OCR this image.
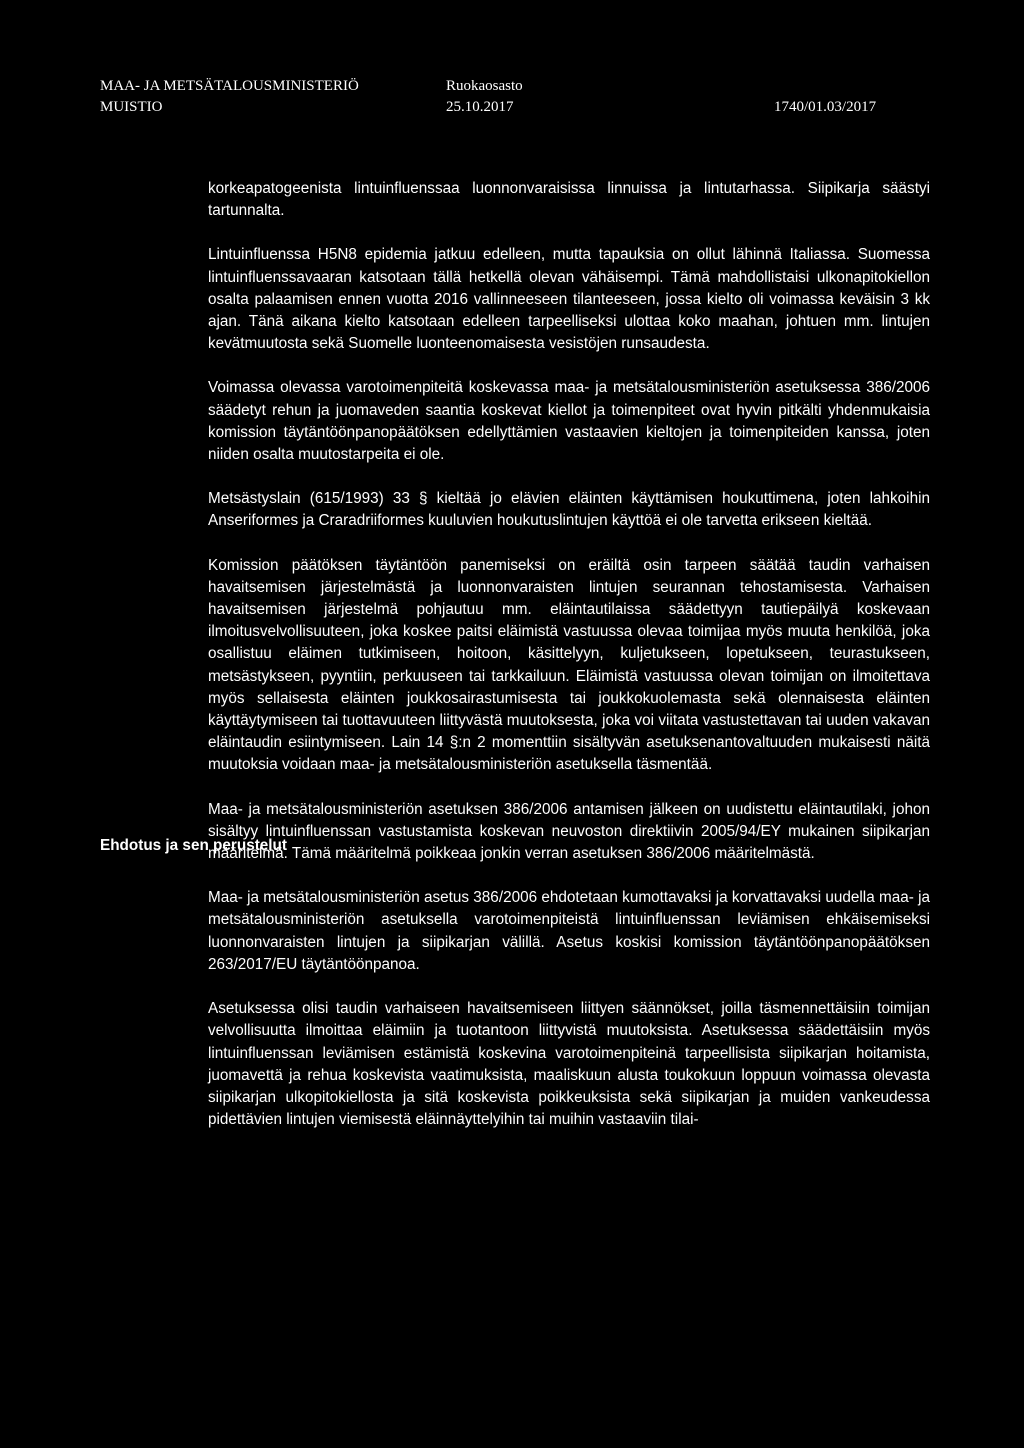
MAA- JA METSÄTALOUSMINISTERIÖ	Ruokaosasto
MUISTIO	25.10.2017	1740/01.03/2017

korkeapatogeenista lintuinfluenssaa luonnonvaraisissa linnuissa ja lintutarhassa. Siipikarja säästyi tartunnalta.

Lintuinfluenssa H5N8 epidemia jatkuu edelleen, mutta tapauksia on ollut lähinnä Italiassa. Suomessa lintuinfluenssavaaran katsotaan tällä hetkellä olevan vähäisempi. Tämä mahdollistaisi ulkonapitokiellon osalta palaamisen ennen vuotta 2016 vallinneeseen tilanteeseen, jossa kielto oli voimassa keväisin 3 kk ajan. Tänä aikana kielto katsotaan edelleen tarpeelliseksi ulottaa koko maahan, johtuen mm. lintujen kevätmuutosta sekä Suomelle luonteenomaisesta vesistöjen runsaudesta.

Voimassa olevassa varotoimenpiteitä koskevassa maa- ja metsätalousministeriön asetuksessa 386/2006 säädetyt rehun ja juomaveden saantia koskevat kiellot ja toimenpiteet ovat hyvin pitkälti yhdenmukaisia komission täytäntöönpanopäätöksen edellyttämien vastaavien kieltojen ja toimenpiteiden kanssa, joten niiden osalta muutostarpeita ei ole.

Metsästyslain (615/1993) 33 § kieltää jo elävien eläinten käyttämisen houkuttimena, joten lahkoihin Anseriformes ja Craradriiformes kuuluvien houkutuslintujen käyttöä ei ole tarvetta erikseen kieltää.

Komission päätöksen täytäntöön panemiseksi on eräiltä osin tarpeen säätää taudin varhaisen havaitsemisen järjestelmästä ja luonnonvaraisten lintujen seurannan tehostamisesta. Varhaisen havaitsemisen järjestelmä pohjautuu mm. eläintautilaissa säädettyyn tautiepäilyä koskevaan ilmoitusvelvollisuuteen, joka koskee paitsi eläimistä vastuussa olevaa toimijaa myös muuta henkilöä, joka osallistuu eläimen tutkimiseen, hoitoon, käsittelyyn, kuljetukseen, lopetukseen, teurastukseen, metsästykseen, pyyntiin, perkuuseen tai tarkkailuun. Eläimistä vastuussa olevan toimijan on ilmoitettava myös sellaisesta eläinten joukkosairastumisesta tai joukkokuolemasta sekä olennaisesta eläinten käyttäytymiseen tai tuottavuuteen liittyvästä muutoksesta, joka voi viitata vastustettavan tai uuden vakavan eläintaudin esiintymiseen. Lain 14 §:n 2 momenttiin sisältyvän asetuksenantovaltuuden mukaisesti näitä muutoksia voidaan maa- ja metsätalousministeriön asetuksella täsmentää.

Maa- ja metsätalousministeriön asetuksen 386/2006 antamisen jälkeen on uudistettu eläintautilaki, johon sisältyy lintuinfluenssan vastustamista koskevan neuvoston direktiivin 2005/94/EY mukainen siipikarjan määritelmä. Tämä määritelmä poikkeaa jonkin verran asetuksen 386/2006 määritelmästä.

Ehdotus ja sen perustelut

Maa- ja metsätalousministeriön asetus 386/2006 ehdotetaan kumottavaksi ja korvattavaksi uudella maa- ja metsätalousministeriön asetuksella varotoimenpiteistä lintuinfluenssan leviämisen ehkäisemiseksi luonnonvaraisten lintujen ja siipikarjan välillä. Asetus koskisi komission täytäntöönpanopäätöksen 263/2017/EU täytäntöönpanoa.

Asetuksessa olisi taudin varhaiseen havaitsemiseen liittyen säännökset, joilla täsmennettäisiin toimijan velvollisuutta ilmoittaa eläimiin ja tuotantoon liittyvistä muutoksista. Asetuksessa säädettäisiin myös lintuinfluenssan leviämisen estämistä koskevina varotoimenpiteinä tarpeellisista siipikarjan hoitamista, juomavettä ja rehua koskevista vaatimuksista, maaliskuun alusta toukokuun loppuun voimassa olevasta siipikarjan ulkopitokiellosta ja sitä koskevista poikkeuksista sekä siipikarjan ja muiden vankeudessa pidettävien lintujen viemisestä eläinnäyttelyihin tai muihin vastaaviin tilai-
